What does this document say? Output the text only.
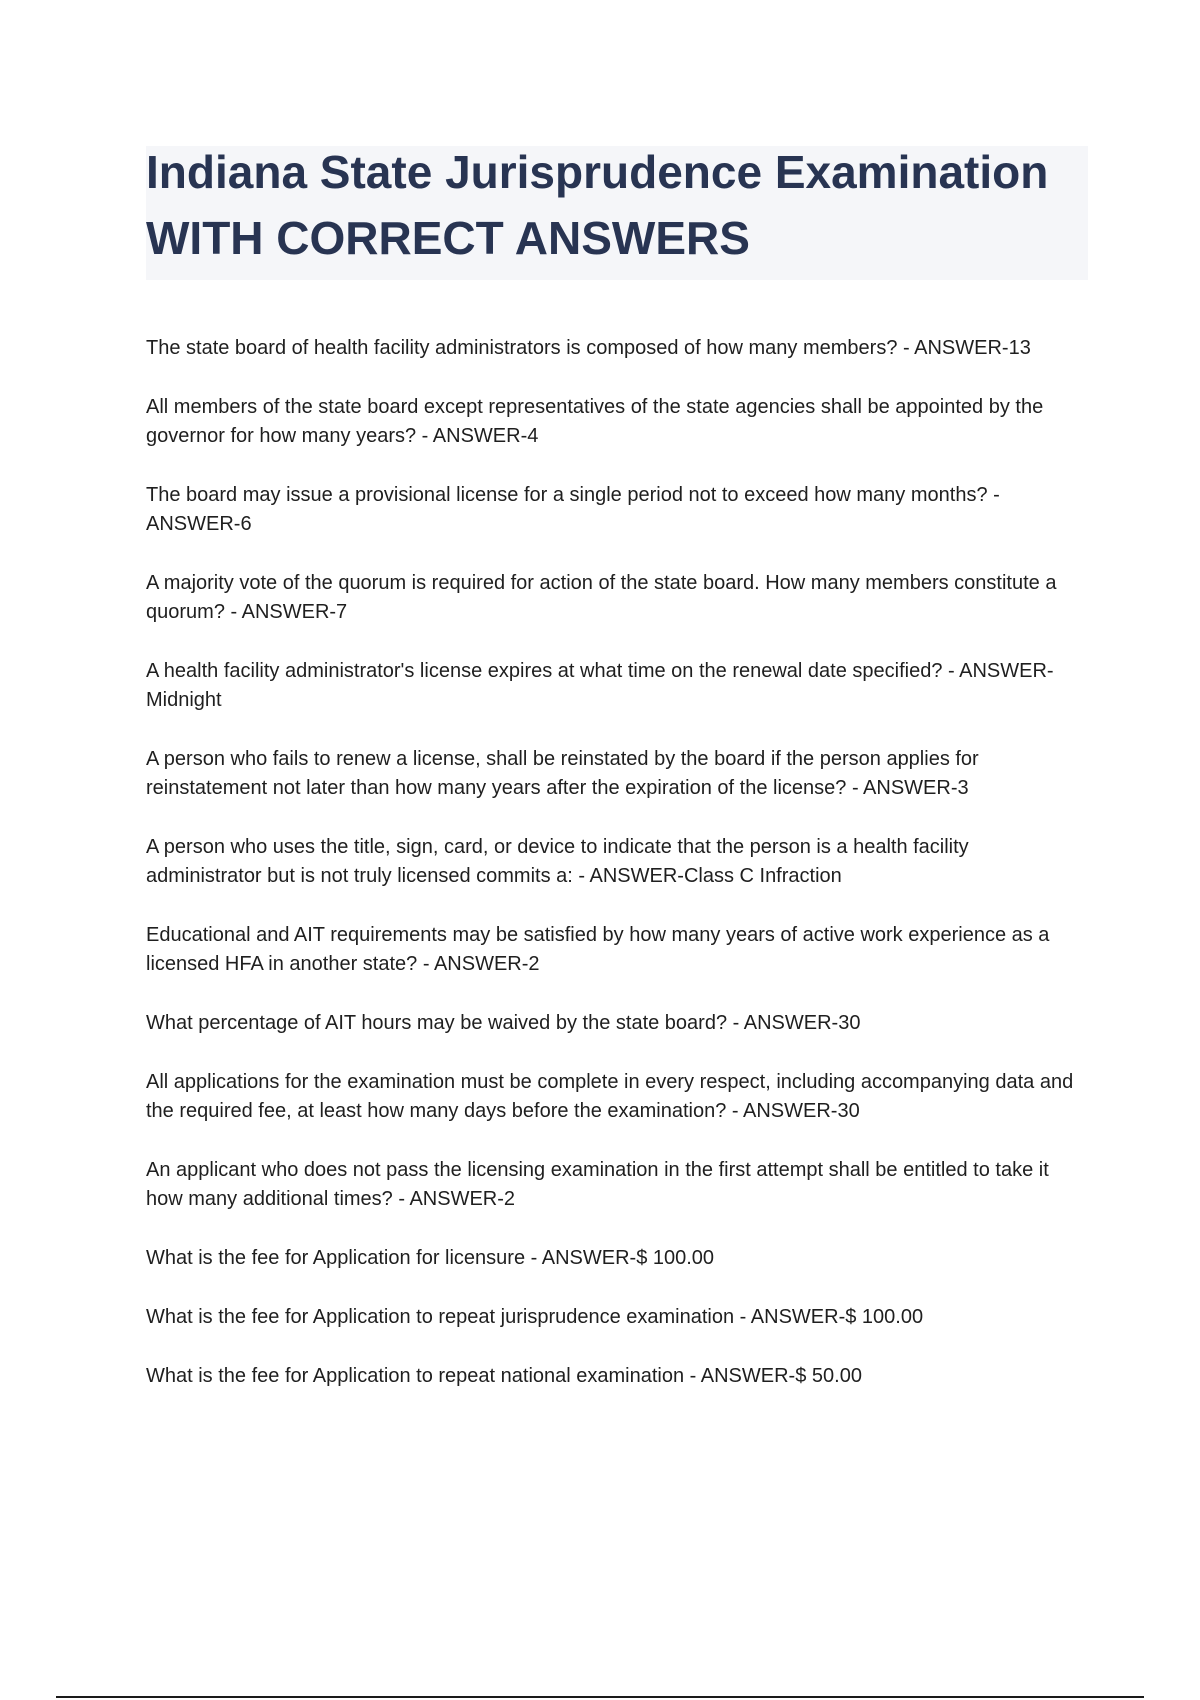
Indiana State Jurisprudence Examination
WITH CORRECT ANSWERS
The state board of health facility administrators is composed of how many members? - ANSWER-13
All members of the state board except representatives of the state agencies shall be appointed by the governor for how many years? - ANSWER-4
The board may issue a provisional license for a single period not to exceed how many months? - ANSWER-6
A majority vote of the quorum is required for action of the state board. How many members constitute a quorum? - ANSWER-7
A health facility administrator's license expires at what time on the renewal date specified? - ANSWER-Midnight
A person who fails to renew a license, shall be reinstated by the board if the person applies for reinstatement not later than how many years after the expiration of the license? - ANSWER-3
A person who uses the title, sign, card, or device to indicate that the person is a health facility administrator but is not truly licensed commits a: - ANSWER-Class C Infraction
Educational and AIT requirements may be satisfied by how many years of active work experience as a licensed HFA in another state? - ANSWER-2
What percentage of AIT hours may be waived by the state board? - ANSWER-30
All applications for the examination must be complete in every respect, including accompanying data and the required fee, at least how many days before the examination? - ANSWER-30
An applicant who does not pass the licensing examination in the first attempt shall be entitled to take it how many additional times? - ANSWER-2
What is the fee for Application for licensure - ANSWER-$ 100.00
What is the fee for Application to repeat jurisprudence examination - ANSWER-$ 100.00
What is the fee for Application to repeat national examination - ANSWER-$ 50.00
